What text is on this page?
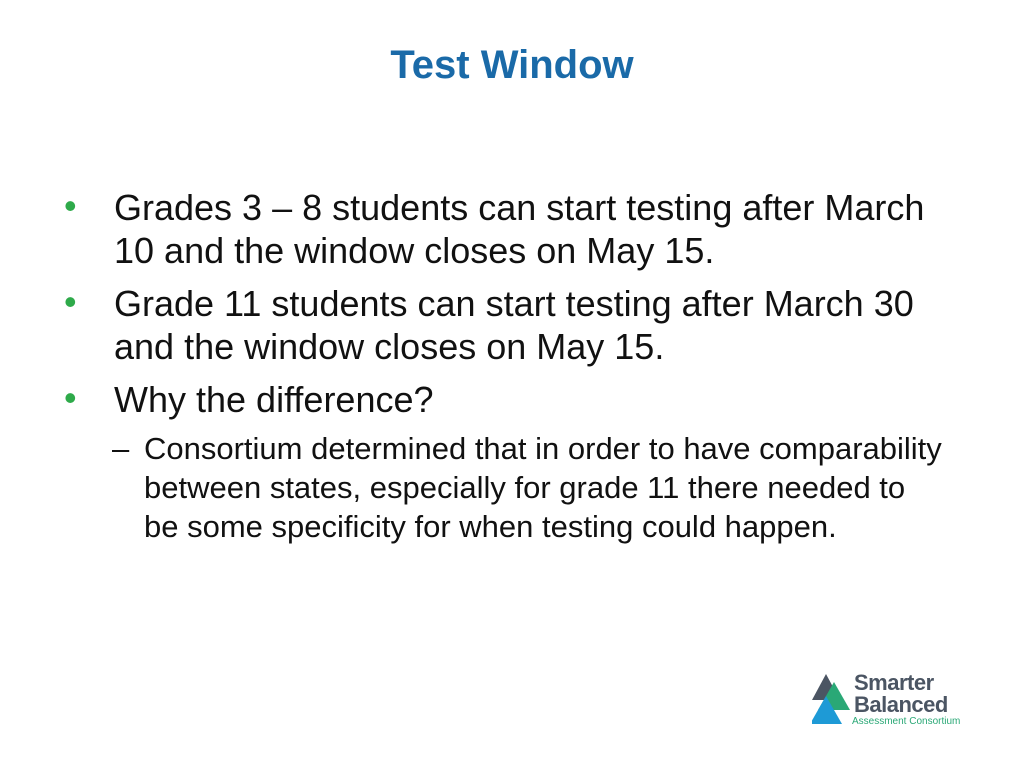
Test Window
• Grades 3 – 8 students can start testing after March 10 and the window closes on May 15.
• Grade 11 students can start testing after March 30 and the window closes on May 15.
• Why the difference?
– Consortium determined that in order to have comparability between states, especially for grade 11 there needed to be some specificity for when testing could happen.
Smarter
Balanced
Assessment Consortium
